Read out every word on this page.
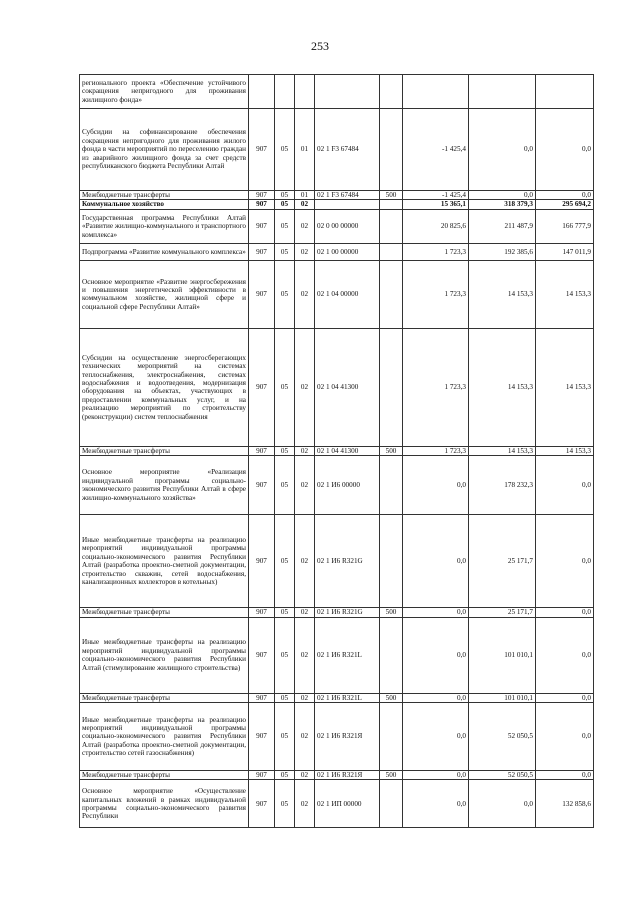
253
регионального проекта «Обеспечение устойчивого сокращения непригодного для проживания жилищного фонда»								
Субсидии на софинансирование обеспечения сокращения непригодного для проживания жилого фонда в части мероприятий по переселению граждан из аварийного жилищного фонда за счет средств республиканского бюджета Республики Алтай	907	05	01	02 1 F3 67484		-1 425,4	0,0	0,0
Межбюджетные трансферты	907	05	01	02 1 F3 67484	500	-1 425,4	0,0	0,0
Коммунальное хозяйство	907	05	02			15 365,1	318 379,3	295 694,2
Государственная программа Республики Алтай «Развитие жилищно-коммунального и транспортного комплекса»	907	05	02	02 0 00 00000		20 825,6	211 487,9	166 777,9
Подпрограмма «Развитие коммунального комплекса»	907	05	02	02 1 00 00000		1 723,3	192 385,6	147 011,9
Основное мероприятие «Развитие энергосбережения и повышения энергетической эффективности в коммунальном хозяйстве, жилищной сфере и социальной сфере Республики Алтай»	907	05	02	02 1 04 00000		1 723,3	14 153,3	14 153,3
Субсидии на осуществление энергосберегающих технических мероприятий на системах теплоснабжения, электроснабжения, системах водоснабжения и водоотведения, модернизация оборудования на объектах, участвующих в предоставлении коммунальных услуг, и на реализацию мероприятий по строительству (реконструкции) систем теплоснабжения	907	05	02	02 1 04 41300		1 723,3	14 153,3	14 153,3
Межбюджетные трансферты	907	05	02	02 1 04 41300	500	1 723,3	14 153,3	14 153,3
Основное мероприятие «Реализация индивидуальной программы социально-экономического развития Республики Алтай в сфере жилищно-коммунального хозяйства»	907	05	02	02 1 И6 00000		0,0	178 232,3	0,0
Иные межбюджетные трансферты на реализацию мероприятий индивидуальной программы социально-экономического развития Республики Алтай (разработка проектно-сметной документации, строительство скважин, сетей водоснабжения, канализационных коллекторов в котельных)	907	05	02	02 1 И6 R321G		0,0	25 171,7	0,0
Межбюджетные трансферты	907	05	02	02 1 И6 R321G	500	0,0	25 171,7	0,0
Иные межбюджетные трансферты на реализацию мероприятий индивидуальной программы социально-экономического развития Республики Алтай (стимулирование жилищного строительства)	907	05	02	02 1 И6 R321L		0,0	101 010,1	0,0
Межбюджетные трансферты	907	05	02	02 1 И6 R321L	500	0,0	101 010,1	0,0
Иные межбюджетные трансферты на реализацию мероприятий индивидуальной программы социально-экономического развития Республики Алтай (разработка проектно-сметной документации, строительство сетей газоснабжения)	907	05	02	02 1 И6 R321Я		0,0	52 050,5	0,0
Межбюджетные трансферты	907	05	02	02 1 И6 R321Я	500	0,0	52 050,5	0,0
Основное мероприятие «Осуществление капитальных вложений в рамках индивидуальной программы социально-экономического развития Республики	907	05	02	02 1 ИП 00000		0,0	0,0	132 858,6
